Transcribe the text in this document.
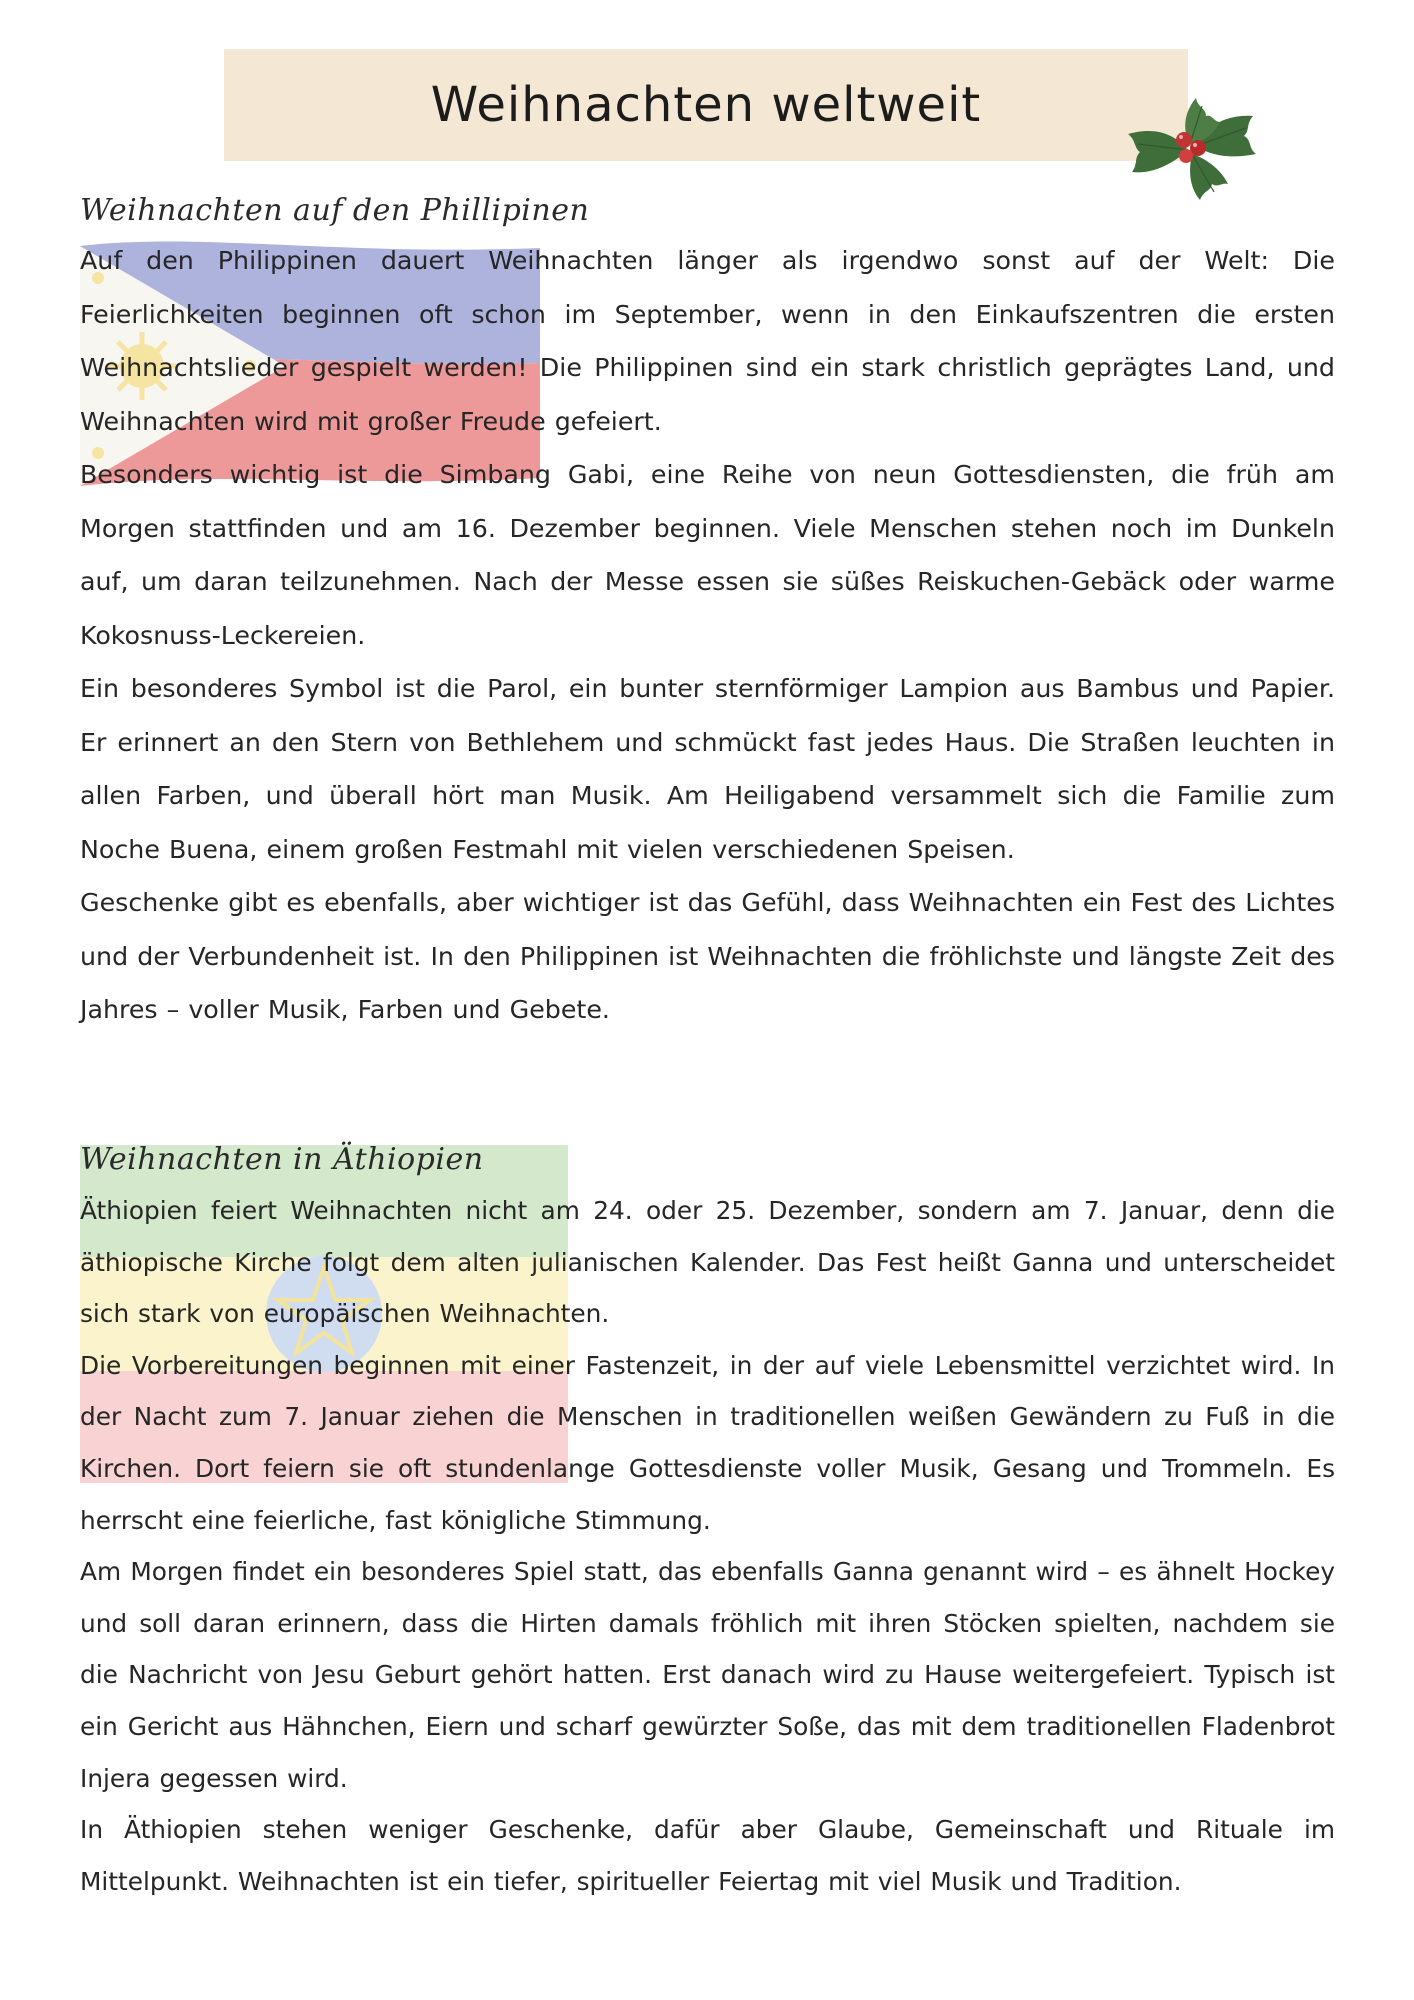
Weihnachten weltweit
Weihnachten auf den Phillipinen

Auf den Philippinen dauert Weihnachten länger als irgendwo sonst auf der Welt: Die Feierlichkeiten beginnen oft schon im September, wenn in den Einkaufszentren die ersten Weihnachtslieder gespielt werden! Die Philippinen sind ein stark christlich geprägtes Land, und Weihnachten wird mit großer Freude gefeiert.

Besonders wichtig ist die Simbang Gabi, eine Reihe von neun Gottesdiensten, die früh am Morgen stattfinden und am 16. Dezember beginnen. Viele Menschen stehen noch im Dunkeln auf, um daran teilzunehmen. Nach der Messe essen sie süßes Reiskuchen-Gebäck oder warme Kokosnuss-Leckereien.

Ein besonderes Symbol ist die Parol, ein bunter sternförmiger Lampion aus Bambus und Papier. Er erinnert an den Stern von Bethlehem und schmückt fast jedes Haus. Die Straßen leuchten in allen Farben, und überall hört man Musik. Am Heiligabend versammelt sich die Familie zum Noche Buena, einem großen Festmahl mit vielen verschiedenen Speisen.

Geschenke gibt es ebenfalls, aber wichtiger ist das Gefühl, dass Weihnachten ein Fest des Lichtes und der Verbundenheit ist. In den Philippinen ist Weihnachten die fröhlichste und längste Zeit des Jahres – voller Musik, Farben und Gebete.

Weihnachten in Äthiopien

Äthiopien feiert Weihnachten nicht am 24. oder 25. Dezember, sondern am 7. Januar, denn die äthiopische Kirche folgt dem alten julianischen Kalender. Das Fest heißt Ganna und unterscheidet sich stark von europäischen Weihnachten.

Die Vorbereitungen beginnen mit einer Fastenzeit, in der auf viele Lebensmittel verzichtet wird. In der Nacht zum 7. Januar ziehen die Menschen in traditionellen weißen Gewändern zu Fuß in die Kirchen. Dort feiern sie oft stundenlange Gottesdienste voller Musik, Gesang und Trommeln. Es herrscht eine feierliche, fast königliche Stimmung.

Am Morgen findet ein besonderes Spiel statt, das ebenfalls Ganna genannt wird – es ähnelt Hockey und soll daran erinnern, dass die Hirten damals fröhlich mit ihren Stöcken spielten, nachdem sie die Nachricht von Jesu Geburt gehört hatten. Erst danach wird zu Hause weitergefeiert. Typisch ist ein Gericht aus Hähnchen, Eiern und scharf gewürzter Soße, das mit dem traditionellen Fladenbrot Injera gegessen wird.

In Äthiopien stehen weniger Geschenke, dafür aber Glaube, Gemeinschaft und Rituale im Mittelpunkt. Weihnachten ist ein tiefer, spiritueller Feiertag mit viel Musik und Tradition.
